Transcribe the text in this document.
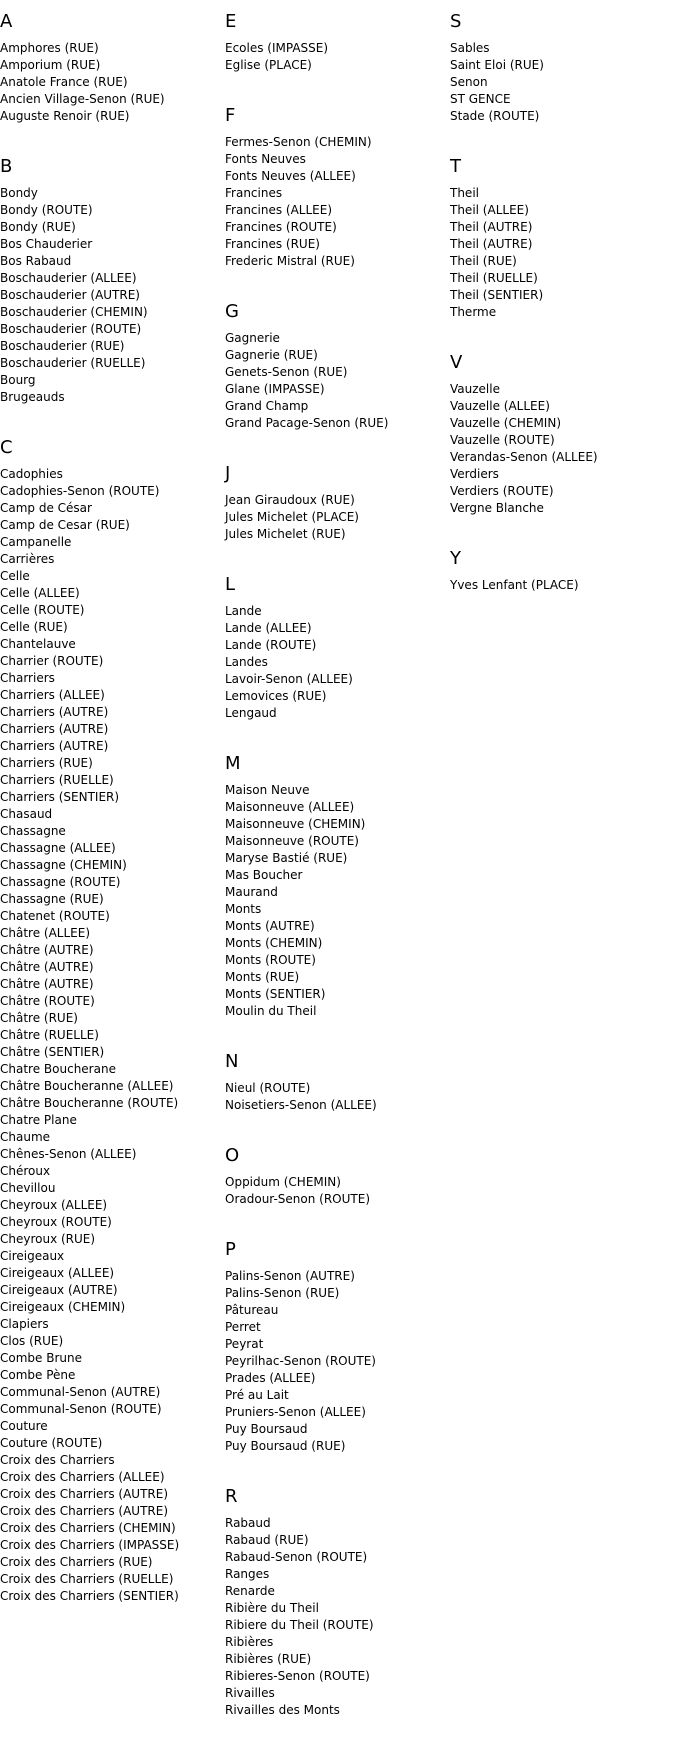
A
Amphores (RUE)
Amporium (RUE)
Anatole France (RUE)
Ancien Village-Senon (RUE)
Auguste Renoir (RUE)
B
Bondy
Bondy (ROUTE)
Bondy (RUE)
Bos Chauderier
Bos Rabaud
Boschauderier (ALLEE)
Boschauderier (AUTRE)
Boschauderier (CHEMIN)
Boschauderier (ROUTE)
Boschauderier (RUE)
Boschauderier (RUELLE)
Bourg
Brugeauds
C
Cadophies
Cadophies-Senon (ROUTE)
Camp de César
Camp de Cesar (RUE)
Campanelle
Carrières
Celle
Celle (ALLEE)
Celle (ROUTE)
Celle (RUE)
Chantelauve
Charrier (ROUTE)
Charriers
Charriers (ALLEE)
Charriers (AUTRE)
Charriers (AUTRE)
Charriers (AUTRE)
Charriers (RUE)
Charriers (RUELLE)
Charriers (SENTIER)
Chasaud
Chassagne
Chassagne (ALLEE)
Chassagne (CHEMIN)
Chassagne (ROUTE)
Chassagne (RUE)
Chatenet (ROUTE)
Châtre (ALLEE)
Châtre (AUTRE)
Châtre (AUTRE)
Châtre (AUTRE)
Châtre (ROUTE)
Châtre (RUE)
Châtre (RUELLE)
Châtre (SENTIER)
Chatre Boucherane
Châtre Boucheranne (ALLEE)
Châtre Boucheranne (ROUTE)
Chatre Plane
Chaume
Chênes-Senon (ALLEE)
Chéroux
Chevillou
Cheyroux (ALLEE)
Cheyroux (ROUTE)
Cheyroux (RUE)
Cireigeaux
Cireigeaux (ALLEE)
Cireigeaux (AUTRE)
Cireigeaux (CHEMIN)
Clapiers
Clos (RUE)
Combe Brune
Combe Pène
Communal-Senon (AUTRE)
Communal-Senon (ROUTE)
Couture
Couture (ROUTE)
Croix des Charriers
Croix des Charriers (ALLEE)
Croix des Charriers (AUTRE)
Croix des Charriers (AUTRE)
Croix des Charriers (CHEMIN)
Croix des Charriers (IMPASSE)
Croix des Charriers (RUE)
Croix des Charriers (RUELLE)
Croix des Charriers (SENTIER)
E
Ecoles (IMPASSE)
Eglise (PLACE)
F
Fermes-Senon (CHEMIN)
Fonts Neuves
Fonts Neuves (ALLEE)
Francines
Francines (ALLEE)
Francines (ROUTE)
Francines (RUE)
Frederic Mistral (RUE)
G
Gagnerie
Gagnerie (RUE)
Genets-Senon (RUE)
Glane (IMPASSE)
Grand Champ
Grand Pacage-Senon (RUE)
J
Jean Giraudoux (RUE)
Jules Michelet (PLACE)
Jules Michelet (RUE)
L
Lande
Lande (ALLEE)
Lande (ROUTE)
Landes
Lavoir-Senon (ALLEE)
Lemovices (RUE)
Lengaud
M
Maison Neuve
Maisonneuve (ALLEE)
Maisonneuve (CHEMIN)
Maisonneuve (ROUTE)
Maryse Bastié (RUE)
Mas Boucher
Maurand
Monts
Monts (AUTRE)
Monts (CHEMIN)
Monts (ROUTE)
Monts (RUE)
Monts (SENTIER)
Moulin du Theil
N
Nieul (ROUTE)
Noisetiers-Senon (ALLEE)
O
Oppidum (CHEMIN)
Oradour-Senon (ROUTE)
P
Palins-Senon (AUTRE)
Palins-Senon (RUE)
Pâtureau
Perret
Peyrat
Peyrilhac-Senon (ROUTE)
Prades (ALLEE)
Pré au Lait
Pruniers-Senon (ALLEE)
Puy Boursaud
Puy Boursaud (RUE)
R
Rabaud
Rabaud (RUE)
Rabaud-Senon (ROUTE)
Ranges
Renarde
Ribière du Theil
Ribiere du Theil (ROUTE)
Ribières
Ribières (RUE)
Ribieres-Senon (ROUTE)
Rivailles
Rivailles des Monts
S
Sables
Saint Eloi (RUE)
Senon
ST GENCE
Stade (ROUTE)
T
Theil
Theil (ALLEE)
Theil (AUTRE)
Theil (AUTRE)
Theil (RUE)
Theil (RUELLE)
Theil (SENTIER)
Therme
V
Vauzelle
Vauzelle (ALLEE)
Vauzelle (CHEMIN)
Vauzelle (ROUTE)
Verandas-Senon (ALLEE)
Verdiers
Verdiers (ROUTE)
Vergne Blanche
Y
Yves Lenfant (PLACE)
